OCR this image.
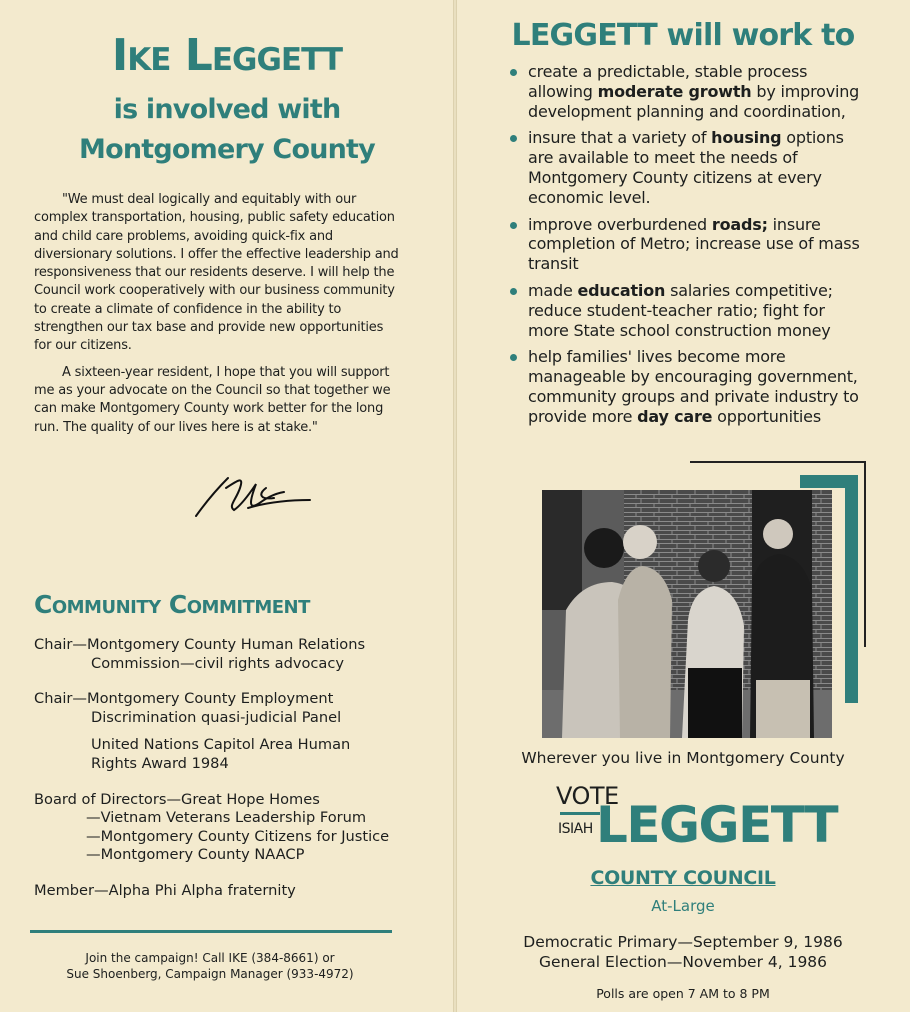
Ike Leggett
is involved with
Montgomery County

"We must deal logically and equitably with our complex transportation, housing, public safety education and child care problems, avoiding quick-fix and diversionary solutions. I offer the effective leadership and responsiveness that our residents deserve. I will help the Council work cooperatively with our business community to create a climate of confidence in the ability to strengthen our tax base and provide new opportunities for our citizens.

A sixteen-year resident, I hope that you will support me as your advocate on the Council so that together we can make Montgomery County work better for the long run. The quality of our lives here is at stake."

Community Commitment
Chair—Montgomery County Human Relations
Commission—civil rights advocacy
Chair—Montgomery County Employment
Discrimination quasi-judicial Panel
United Nations Capitol Area Human
Rights Award 1984
Board of Directors—Great Hope Homes
—Vietnam Veterans Leadership Forum
—Montgomery County Citizens for Justice
—Montgomery County NAACP
Member—Alpha Phi Alpha fraternity
Join the campaign! Call IKE (384-8661) or
Sue Shoenberg, Campaign Manager (933-4972)
LEGGETT will work to
create a predictable, stable process allowing moderate growth by improving development planning and coordination,
insure that a variety of housing options are available to meet the needs of Montgomery County citizens at every economic level.
improve overburdened roads; insure completion of Metro; increase use of mass transit
made education salaries competitive; reduce student-teacher ratio; fight for more State school construction money
help families' lives become more manageable by encouraging government, community groups and private industry to provide more day care opportunities
Wherever you live in Montgomery County
VOTE
ISIAH LEGGETT
COUNTY COUNCIL
At-Large
Democratic Primary—September 9, 1986
General Election—November 4, 1986
Polls are open 7 AM to 8 PM
